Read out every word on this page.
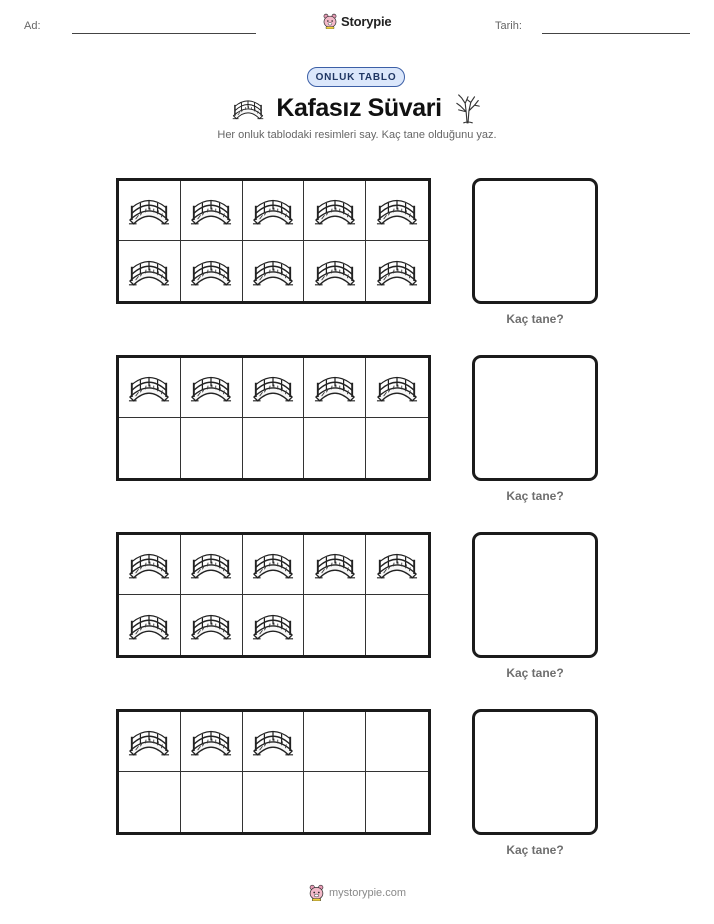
Ad:	Storypie	Tarih:
ONLUK TABLO
Kafasız Süvari
Her onluk tablodaki resimleri say. Kaç tane olduğunu yaz.
Kaç tane?
Kaç tane?
Kaç tane?
Kaç tane?
mystorypie.com
